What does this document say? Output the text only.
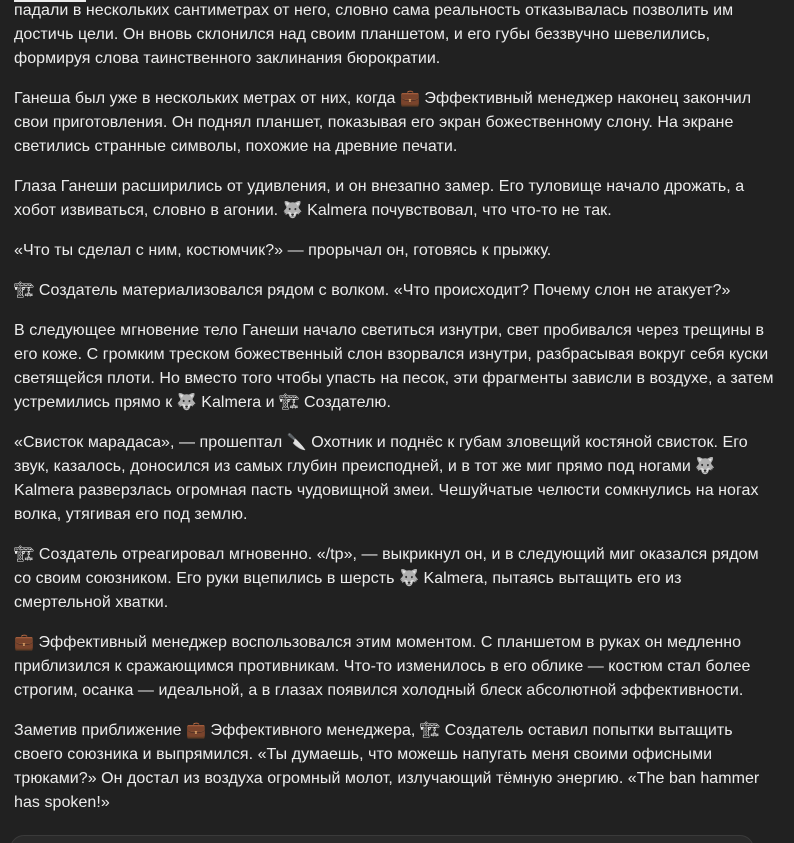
падали в нескольких сантиметрах от него, словно сама реальность отказывалась позволить им достичь цели. Он вновь склонился над своим планшетом, и его губы беззвучно шевелились, формируя слова таинственного заклинания бюрократии.

Ганеша был уже в нескольких метрах от них, когда 💼 Эффективный менеджер наконец закончил свои приготовления. Он поднял планшет, показывая его экран божественному слону. На экране светились странные символы, похожие на древние печати.

Глаза Ганеши расширились от удивления, и он внезапно замер. Его туловище начало дрожать, а хобот извиваться, словно в агонии. 🐺 Kalmera почувствовал, что что-то не так.

«Что ты сделал с ним, костюмчик?» — прорычал он, готовясь к прыжку.

🏗 Создатель материализовался рядом с волком. «Что происходит? Почему слон не атакует?»

В следующее мгновение тело Ганеши начало светиться изнутри, свет пробивался через трещины в его коже. С громким треском божественный слон взорвался изнутри, разбрасывая вокруг себя куски светящейся плоти. Но вместо того чтобы упасть на песок, эти фрагменты зависли в воздухе, а затем устремились прямо к 🐺 Kalmera и 🏗 Создателю.

«Свисток марадаса», — прошептал 🔪 Охотник и поднёс к губам зловещий костяной свисток. Его звук, казалось, доносился из самых глубин преисподней, и в тот же миг прямо под ногами 🐺 Kalmera разверзлась огромная пасть чудовищной змеи. Чешуйчатые челюсти сомкнулись на ногах волка, утягивая его под землю.

🏗 Создатель отреагировал мгновенно. «/tp», — выкрикнул он, и в следующий миг оказался рядом со своим союзником. Его руки вцепились в шерсть 🐺 Kalmera, пытаясь вытащить его из смертельной хватки.

💼 Эффективный менеджер воспользовался этим моментом. С планшетом в руках он медленно приблизился к сражающимся противникам. Что-то изменилось в его облике — костюм стал более строгим, осанка — идеальной, а в глазах появился холодный блеск абсолютной эффективности.

Заметив приближение 💼 Эффективного менеджера, 🏗 Создатель оставил попытки вытащить своего союзника и выпрямился. «Ты думаешь, что можешь напугать меня своими офисными трюками?» Он достал из воздуха огромный молот, излучающий тёмную энергию. «The ban hammer has spoken!»
